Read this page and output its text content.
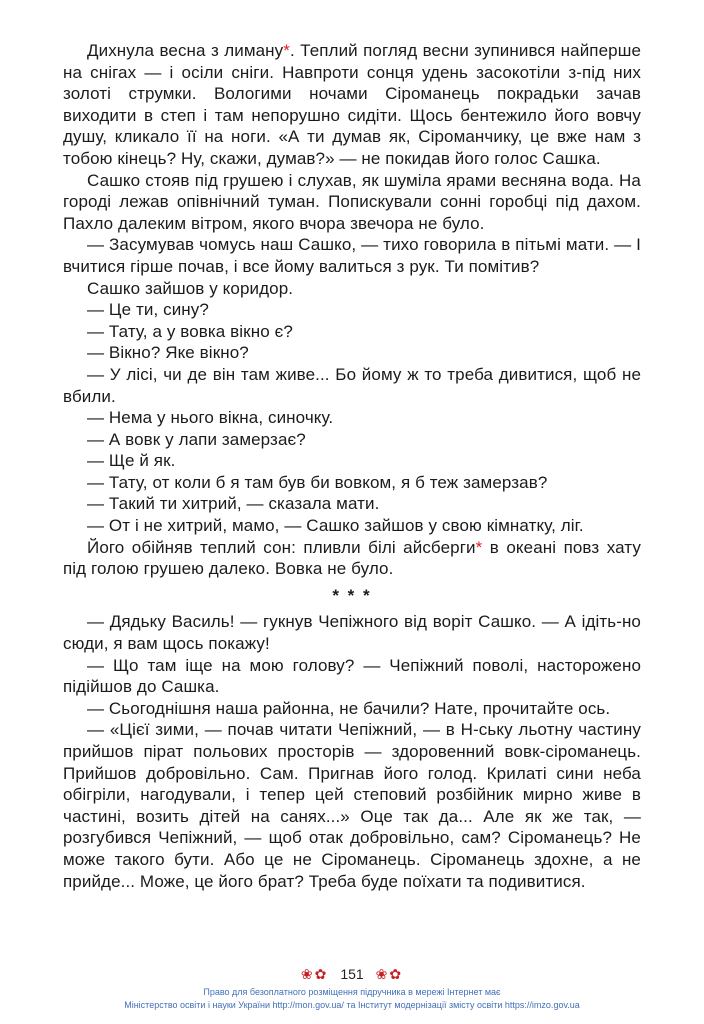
Дихнула весна з лиману*. Теплий погляд весни зупинився найперше на снігах — і осіли сніги. Навпроти сонця удень засокотіли з-під них золоті струмки. Вологими ночами Сіроманець покрадьки зачав виходити в степ і там непорушно сидіти. Щось бентежило його вовчу душу, кликало її на ноги. «А ти думав як, Сіроманчику, це вже нам з тобою кінець? Ну, скажи, думав?» — не покидав його голос Сашка.

Сашко стояв під грушею і слухав, як шуміла ярами весняна вода. На городі лежав опівнічний туман. Попискували сонні горобці під дахом. Пахло далеким вітром, якого вчора звечора не було.

— Засумував чомусь наш Сашко, — тихо говорила в пітьмі мати. — І вчитися гірше почав, і все йому валиться з рук. Ти помітив?

Сашко зайшов у коридор.

— Це ти, сину?

— Тату, а у вовка вікно є?

— Вікно? Яке вікно?

— У лісі, чи де він там живе... Бо йому ж то треба дивитися, щоб не вбили.

— Нема у нього вікна, синочку.

— А вовк у лапи замерзає?

— Ще й як.

— Тату, от коли б я там був би вовком, я б теж замерзав?

— Такий ти хитрий, — сказала мати.

— От і не хитрий, мамо, — Сашко зайшов у свою кімнатку, ліг.

Його обійняв теплий сон: пливли білі айсберги* в океані повз хату під голою грушею далеко. Вовка не було.

* * *

— Дядьку Василь! — гукнув Чепіжного від воріт Сашко. — А ідіть-но сюди, я вам щось покажу!

— Що там іще на мою голову? — Чепіжний поволі, насторожено підійшов до Сашка.

— Сьогоднішня наша районна, не бачили? Нате, прочитайте ось.

— «Цієї зими, — почав читати Чепіжний, — в Н-ську льотну частину прийшов пірат польових просторів — здоровенний вовк-сіроманець. Прийшов добровільно. Сам. Пригнав його голод. Крилаті сини неба обігріли, нагодували, і тепер цей степовий розбійник мирно живе в частині, возить дітей на санях...» Оце так да... Але як же так, — розгубився Чепіжний, — щоб отак добровільно, сам? Сіроманець? Не може такого бути. Або це не Сіроманець. Сіроманець здохне, а не прийде... Може, це його брат? Треба буде поїхати та подивитися.

❀✿ 151 ❀✿
Право для безоплатного розміщення підручника в мережі Інтернет має
Міністерство освіти і науки України http://mon.gov.ua/ та Інститут модернізації змісту освіти https://imzo.gov.ua
